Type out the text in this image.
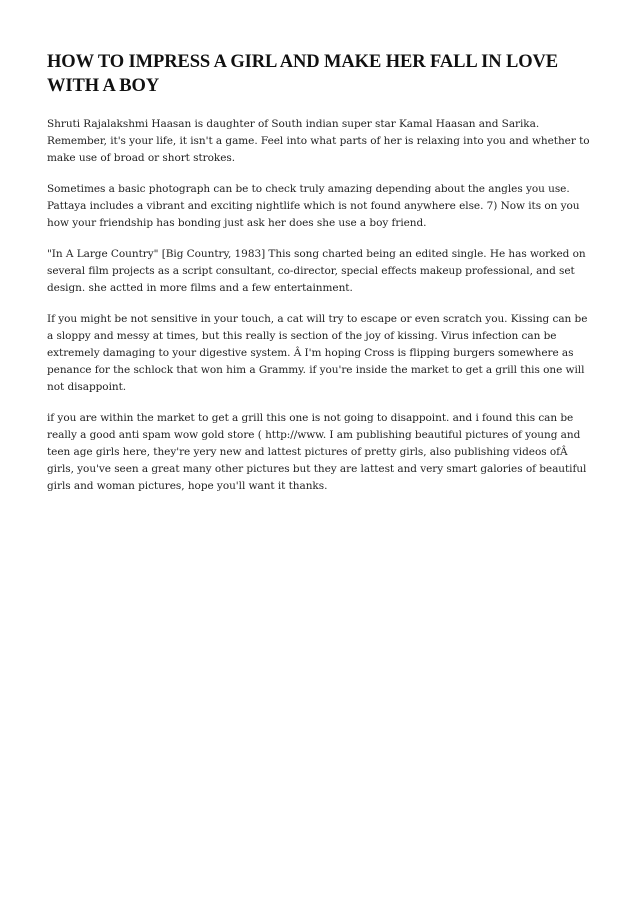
HOW TO IMPRESS A GIRL AND MAKE HER FALL IN LOVE WITH A BOY

Shruti Rajalakshmi Haasan is daughter of South indian super star Kamal Haasan and Sarika. Remember, it's your life, it isn't a game. Feel into what parts of her is relaxing into you and whether to make use of broad or short strokes.

Sometimes a basic photograph can be to check truly amazing depending about the angles you use. Pattaya includes a vibrant and exciting nightlife which is not found anywhere else. 7) Now its on you how your friendship has bonding just ask her does she use a boy friend.

"In A Large Country" [Big Country, 1983] This song charted being an edited single. He has worked on several film projects as a script consultant, co-director, special effects makeup professional, and set design. she actted in more films and a few entertainment.

If you might be not sensitive in your touch, a cat will try to escape or even scratch you. Kissing can be a sloppy and messy at times, but this really is section of the joy of kissing. Virus infection can be extremely damaging to your digestive system. Â I'm hoping Cross is flipping burgers somewhere as penance for the schlock that won him a Grammy. if you're inside the market to get a grill this one will not disappoint.

if you are within the market to get a grill this one is not going to disappoint. and i found this can be really a good anti spam wow gold store ( http://www. I am publishing beautiful pictures of young and teen age girls here, they're yery new and lattest pictures of pretty girls, also publishing videos ofÂ girls, you've seen a great many other pictures but they are lattest and very smart galories of beautiful girls and woman pictures, hope you'll want it thanks.
